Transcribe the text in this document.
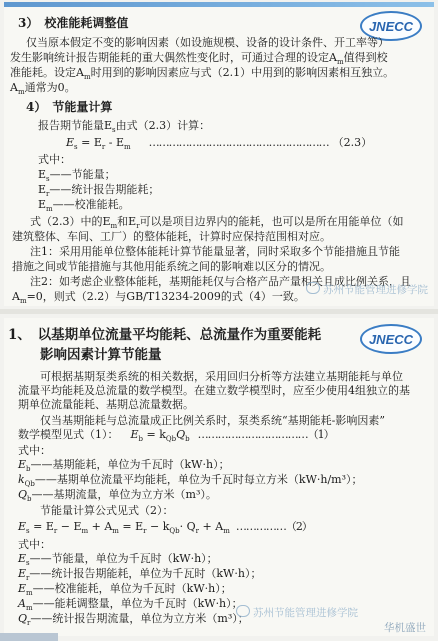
JNECC
3）　校准能耗调整值
仅当原本假定不变的影响因素（如设施规模、设备的设计条件、开工率等）
发生影响统计报告期能耗的重大偶然性变化时，可通过合理的设定$A_m$值得到校
准能耗。设定$A_m$时用到的影响因素应与式（2.1）中用到的影响因素相互独立。
$A_m$通常为0。
4）　节能量计算
报告期节能量$E_s$由式（2.3）计算：
$E_s = E_r - E_m$ ……………………………………………… （2.3）
式中：
$E_s——$节能量；
$E_r——$统计报告期能耗；
$E_m——$校准能耗。
式（2.3）中的$E_m$和$E_r$可以是项目边界内的能耗，也可以是所在用能单位（如
建筑整体、车间、工厂）的整体能耗，计算时应保持范围相对应。
注1：采用用能单位整体能耗计算节能量显著，同时采取多个节能措施且节能
措施之间或节能措施与其他用能系统之间的影响难以区分的情况。
注2：如考虑企业整体能耗，基期能耗仅与合格产品产量相关且成比例关系，且
$A_m=0$，则式（2.2）与GB/T13234-2009的式（4）一致。	苏州节能管理进修学院
JNECC
1、　以基期单位流量平均能耗、总流量作为重要能耗
影响因素计算节能量
可根据基期泵类系统的相关数据，采用回归分析等方法建立基期能耗与单位
流量平均能耗及总流量的数学模型。在建立数学模型时，应至少使用4组独立的基
期单位流量能耗、基期总流量数据。
仅当基期能耗与总流量成正比例关系时，泵类系统“基期能耗-影响因素”
数学模型见式（1）： $E_b = k_{Qb}Q_b$ ……………………………（1）
式中：
$E_b——$基期能耗，单位为千瓦时（kW·h）；
$k_{Qb}——$基期单位流量平均能耗，单位为千瓦时每立方米（kW·h/m³）；
$Q_b——$基期流量，单位为立方米（m³）。
节能量计算公式见式（2）：
$E_s = E_r - E_m + A_m = E_r - k_{Qb}\cdot Q_r + A_m$ ……………（2）
式中：
$E_s——$节能量，单位为千瓦时（kW·h）；
$E_r——$统计报告期能耗，单位为千瓦时（kW·h）；
$E_m——$校准能耗，单位为千瓦时（kW·h）；
$A_m——$能耗调整量，单位为千瓦时（kW·h）；
$Q_r——$统计报告期流量，单位为立方米（m³）； 苏州节能管理进修学院
华机盛世
